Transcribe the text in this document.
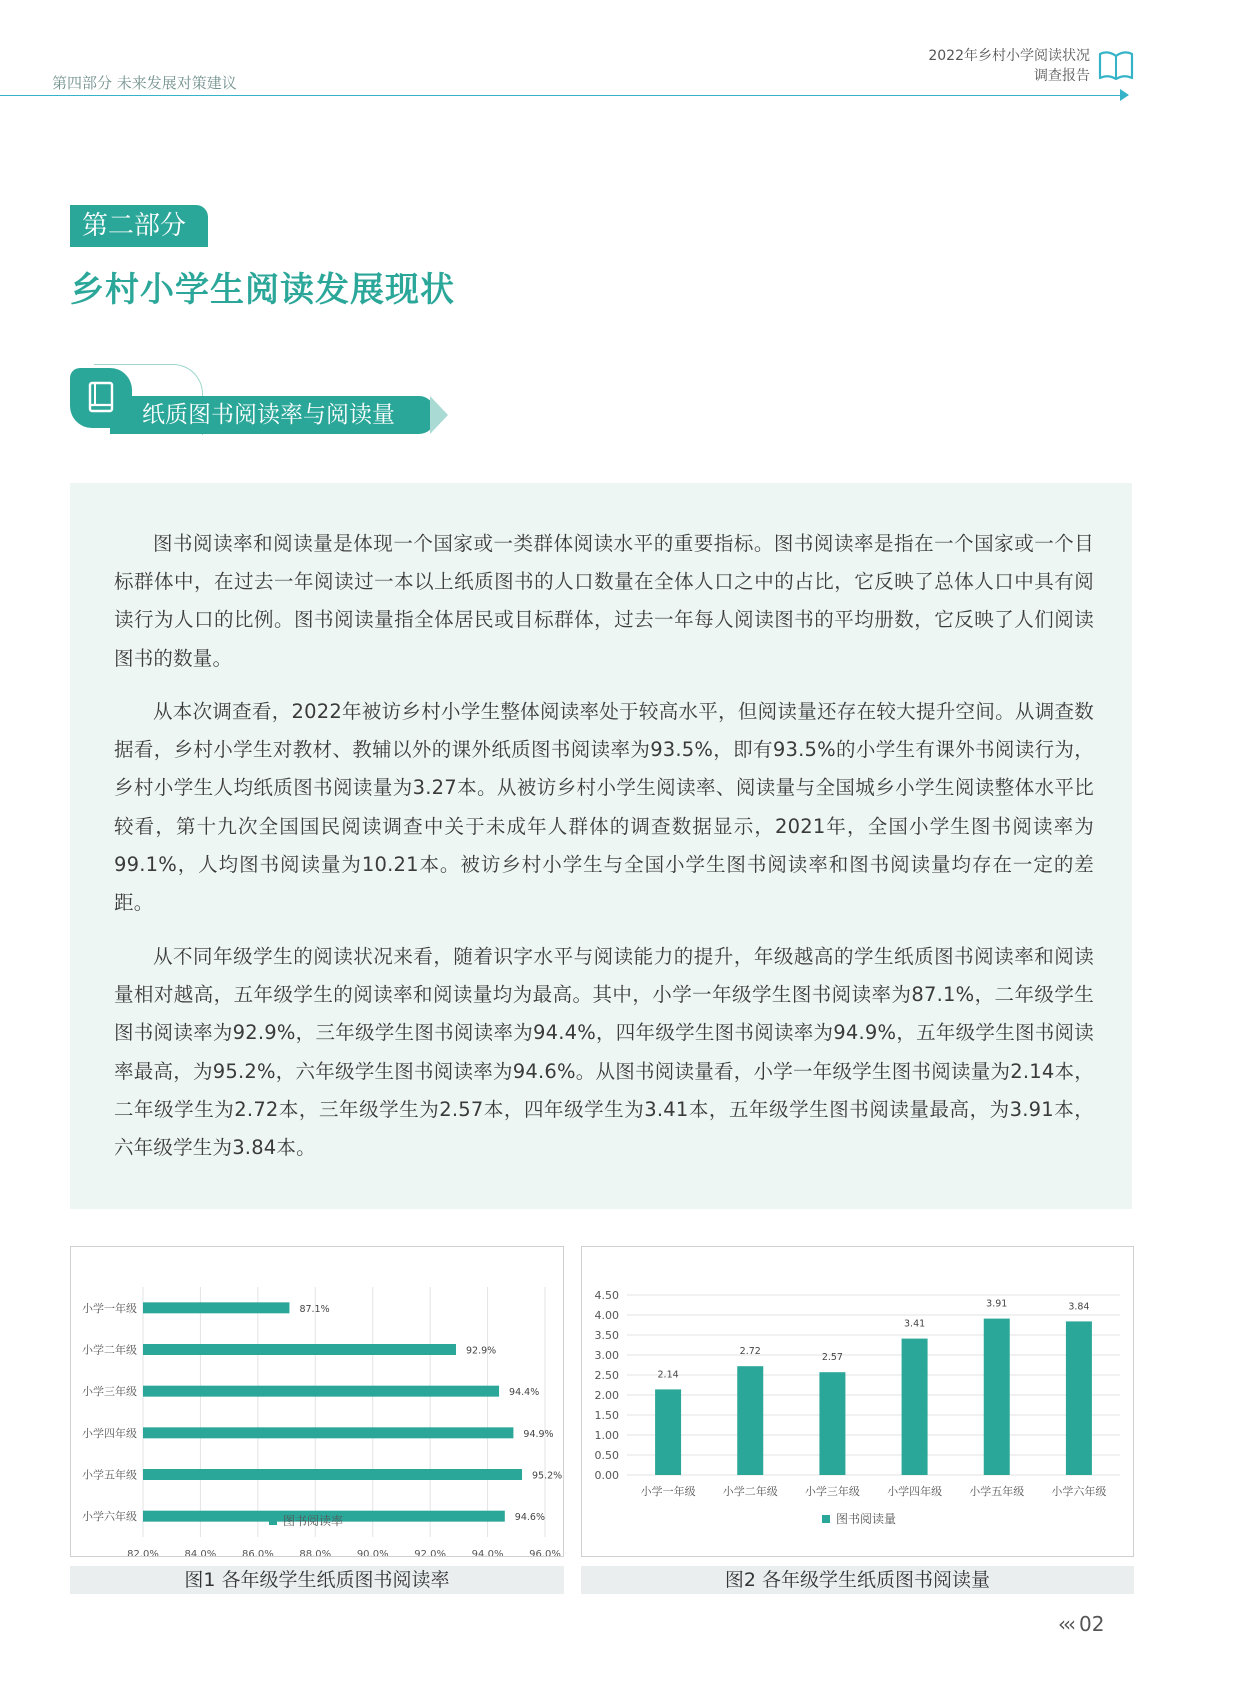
第四部分 未来发展对策建议
2022年乡村小学阅读状况
调查报告
第二部分
乡村小学生阅读发展现状
纸质图书阅读率与阅读量

图书阅读率和阅读量是体现一个国家或一类群体阅读水平的重要指标。图书阅读率是指在一个国家或一个目标群体中，在过去一年阅读过一本以上纸质图书的人口数量在全体人口之中的占比，它反映了总体人口中具有阅读行为人口的比例。图书阅读量指全体居民或目标群体，过去一年每人阅读图书的平均册数，它反映了人们阅读图书的数量。

从本次调查看，2022年被访乡村小学生整体阅读率处于较高水平，但阅读量还存在较大提升空间。从调查数据看，乡村小学生对教材、教辅以外的课外纸质图书阅读率为93.5%，即有93.5%的小学生有课外书阅读行为，乡村小学生人均纸质图书阅读量为3.27本。从被访乡村小学生阅读率、阅读量与全国城乡小学生阅读整体水平比较看，第十九次全国国民阅读调查中关于未成年人群体的调查数据显示，2021年，全国小学生图书阅读率为99.1%，人均图书阅读量为10.21本。被访乡村小学生与全国小学生图书阅读率和图书阅读量均存在一定的差距。

从不同年级学生的阅读状况来看，随着识字水平与阅读能力的提升，年级越高的学生纸质图书阅读率和阅读量相对越高，五年级学生的阅读率和阅读量均为最高。其中，小学一年级学生图书阅读率为87.1%，二年级学生图书阅读率为92.9%，三年级学生图书阅读率为94.4%，四年级学生图书阅读率为94.9%，五年级学生图书阅读率最高，为95.2%，六年级学生图书阅读率为94.6%。从图书阅读量看，小学一年级学生图书阅读量为2.14本，二年级学生为2.72本，三年级学生为2.57本，四年级学生为3.41本，五年级学生图书阅读量最高，为3.91本，六年级学生为3.84本。

82.0%	84.0%	86.0%	88.0%	90.0%	92.0%	94.0%	96.0%
小学一年级	87.1%
小学二年级	92.9%
小学三年级	94.4%
小学四年级	94.9%
小学五年级	95.2%
小学六年级	94.6%
图书阅读率
图1 各年级学生纸质图书阅读率
0.00
0.50
1.00
1.50
2.00
2.50
3.00
3.50
4.00
4.50
2.14
小学一年级
2.72
小学二年级
2.57
小学三年级
3.41
小学四年级
3.91
小学五年级
3.84
小学六年级
图书阅读量
图2 各年级学生纸质图书阅读量
‹‹‹ 02
